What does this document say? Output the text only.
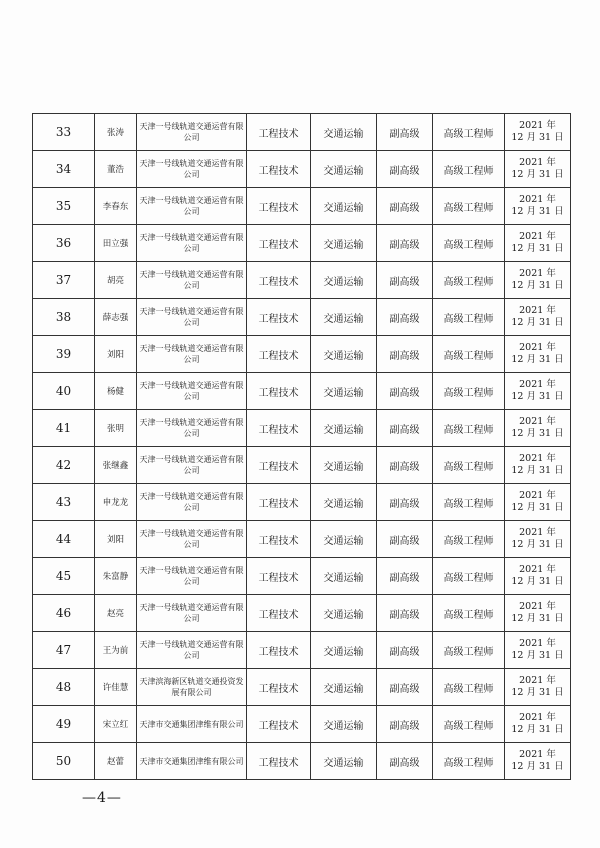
33	张涛	天津一号线轨道交通运营有限公司	工程技术	交通运输	副高级	高级工程师	2021 年
12 月 31 日

34	董浩	天津一号线轨道交通运营有限公司	工程技术	交通运输	副高级	高级工程师	2021 年
12 月 31 日

35	李春东	天津一号线轨道交通运营有限公司	工程技术	交通运输	副高级	高级工程师	2021 年
12 月 31 日

36	田立强	天津一号线轨道交通运营有限公司	工程技术	交通运输	副高级	高级工程师	2021 年
12 月 31 日

37	胡亮	天津一号线轨道交通运营有限公司	工程技术	交通运输	副高级	高级工程师	2021 年
12 月 31 日

38	薛志强	天津一号线轨道交通运营有限公司	工程技术	交通运输	副高级	高级工程师	2021 年
12 月 31 日

39	刘阳	天津一号线轨道交通运营有限公司	工程技术	交通运输	副高级	高级工程师	2021 年
12 月 31 日

40	杨健	天津一号线轨道交通运营有限公司	工程技术	交通运输	副高级	高级工程师	2021 年
12 月 31 日

41	张明	天津一号线轨道交通运营有限公司	工程技术	交通运输	副高级	高级工程师	2021 年
12 月 31 日

42	张继鑫	天津一号线轨道交通运营有限公司	工程技术	交通运输	副高级	高级工程师	2021 年
12 月 31 日

43	申龙龙	天津一号线轨道交通运营有限公司	工程技术	交通运输	副高级	高级工程师	2021 年
12 月 31 日

44	刘阳	天津一号线轨道交通运营有限公司	工程技术	交通运输	副高级	高级工程师	2021 年
12 月 31 日

45	朱富静	天津一号线轨道交通运营有限公司	工程技术	交通运输	副高级	高级工程师	2021 年
12 月 31 日

46	赵亮	天津一号线轨道交通运营有限公司	工程技术	交通运输	副高级	高级工程师	2021 年
12 月 31 日

47	王为前	天津一号线轨道交通运营有限公司	工程技术	交通运输	副高级	高级工程师	2021 年
12 月 31 日

48	许佳慧	天津滨海新区轨道交通投资发展有限公司	工程技术	交通运输	副高级	高级工程师	2021 年
12 月 31 日

49	宋立红	天津市交通集团津维有限公司	工程技术	交通运输	副高级	高级工程师	2021 年
12 月 31 日

50	赵蕾	天津市交通集团津维有限公司	工程技术	交通运输	副高级	高级工程师	2021 年
12 月 31 日
—4—
